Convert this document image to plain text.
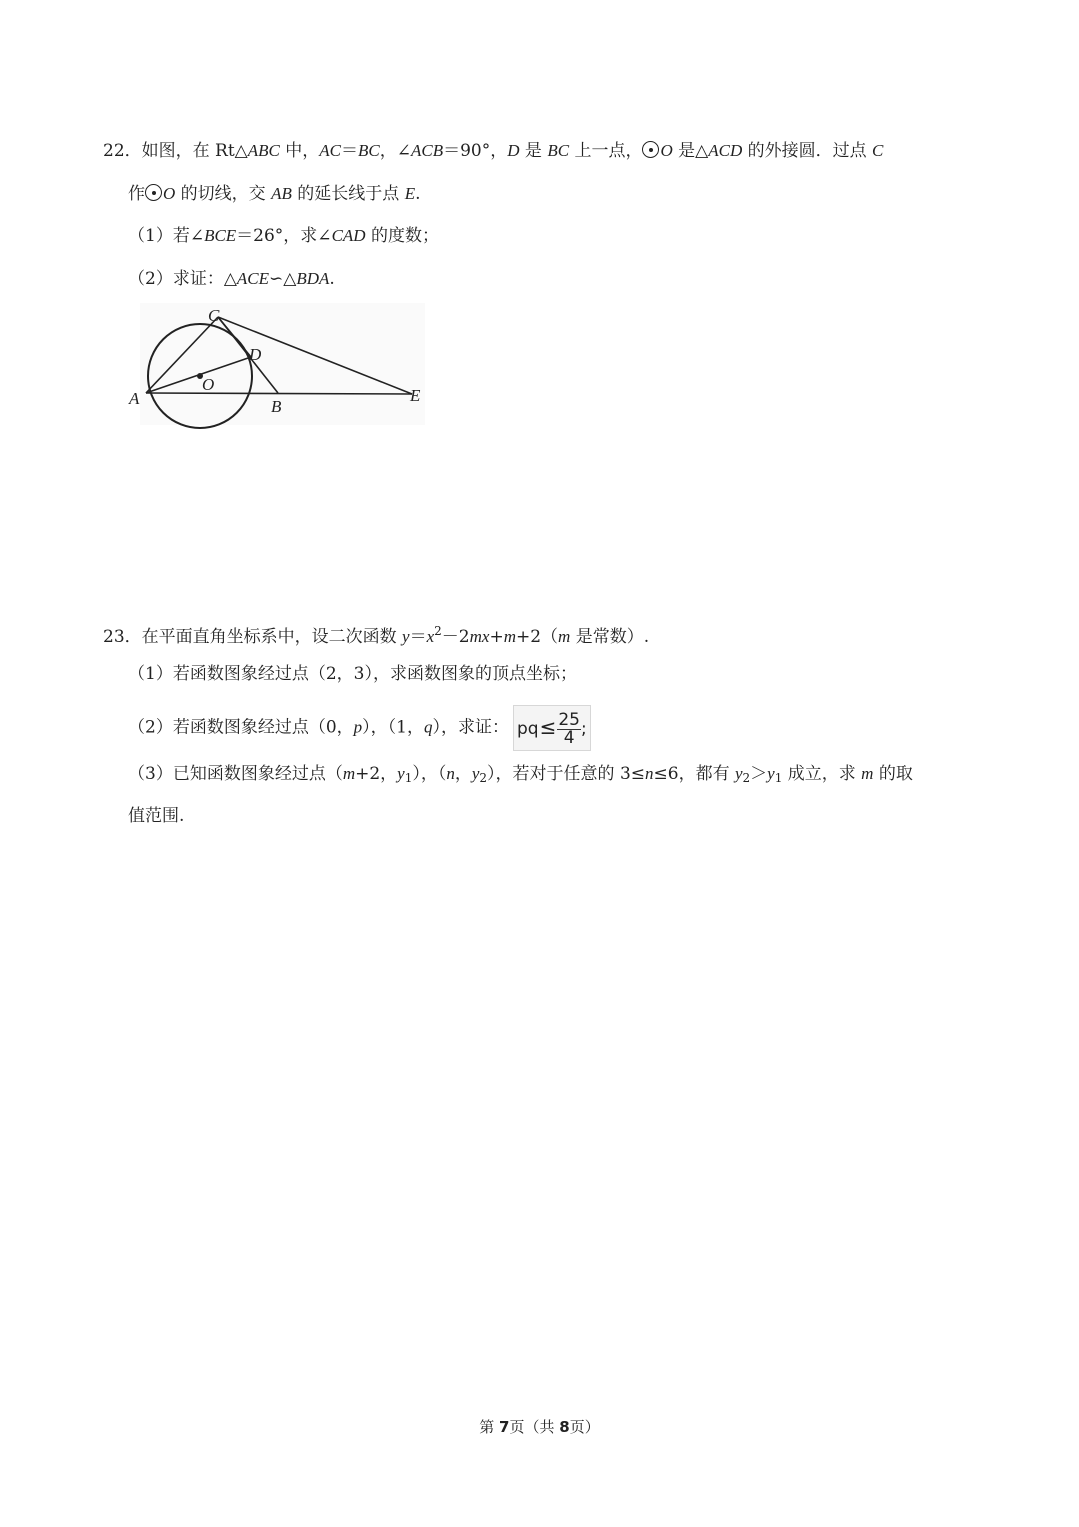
22．如图，在 Rt△ABC 中，AC＝BC，∠ACB＝90°，D 是 BC 上一点， O 是△ACD 的外接圆．过点 C
作 O 的切线，交 AB 的延长线于点 E.
（1）若∠BCE＝26°，求∠CAD 的度数；
（2）求证：△ACE∽△BDA.
A	B
C
D
O
E
23．在平面直角坐标系中，设二次函数 $y=x^2-2mx+m+2(m$ 是常数）.
（1）若函数图象经过点（2，3），求函数图象的顶点坐标；
（2）若函数图象经过点（0，p），（1，q），求证： $pq\le \frac{25}{4}$ ;
（3）已知函数图象经过点（m+2，$y_1$），（n，$y_2$），若对于任意的 3≤n≤6，都有 $y_2>y_1$ 成立，求 m 的取
值范围.
第 7页（共 8页）
